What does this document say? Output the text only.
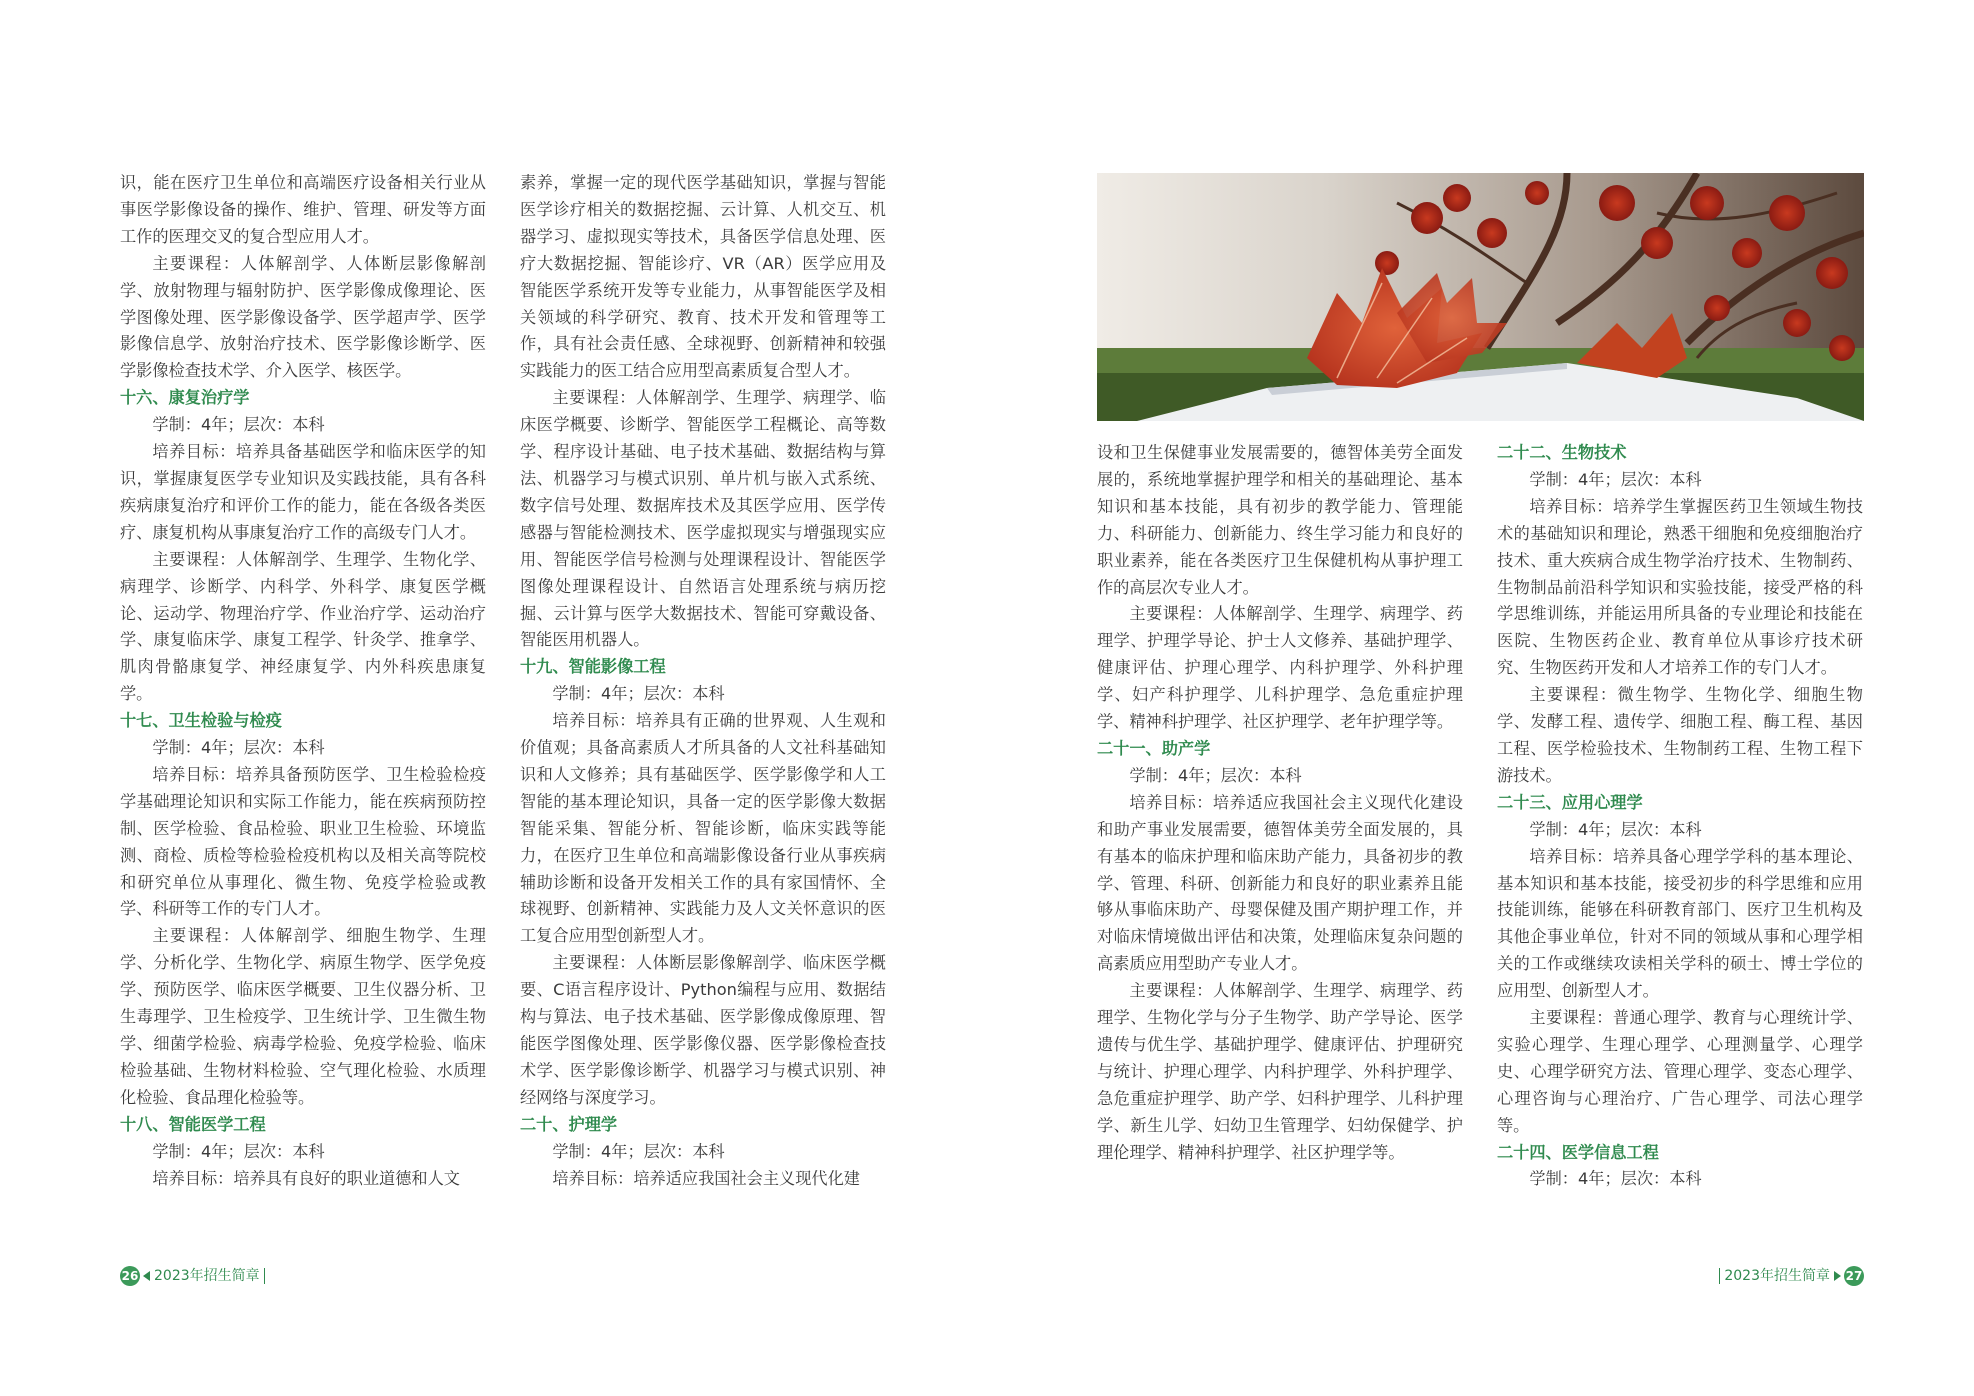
识，能在医疗卫生单位和高端医疗设备相关行业从事医学影像设备的操作、维护、管理、研发等方面工作的医理交叉的复合型应用人才。

主要课程：人体解剖学、人体断层影像解剖学、放射物理与辐射防护、医学影像成像理论、医学图像处理、医学影像设备学、医学超声学、医学影像信息学、放射治疗技术、医学影像诊断学、医学影像检查技术学、介入医学、核医学。

十六、康复治疗学

学制：4年；层次：本科

培养目标：培养具备基础医学和临床医学的知识，掌握康复医学专业知识及实践技能，具有各科疾病康复治疗和评价工作的能力，能在各级各类医疗、康复机构从事康复治疗工作的高级专门人才。

主要课程：人体解剖学、生理学、生物化学、病理学、诊断学、内科学、外科学、康复医学概论、运动学、物理治疗学、作业治疗学、运动治疗学、康复临床学、康复工程学、针灸学、推拿学、肌肉骨骼康复学、神经康复学、内外科疾患康复学。

十七、卫生检验与检疫

学制：4年；层次：本科

培养目标：培养具备预防医学、卫生检验检疫学基础理论知识和实际工作能力，能在疾病预防控制、医学检验、食品检验、职业卫生检验、环境监测、商检、质检等检验检疫机构以及相关高等院校和研究单位从事理化、微生物、免疫学检验或教学、科研等工作的专门人才。

主要课程：人体解剖学、细胞生物学、生理学、分析化学、生物化学、病原生物学、医学免疫学、预防医学、临床医学概要、卫生仪器分析、卫生毒理学、卫生检疫学、卫生统计学、卫生微生物学、细菌学检验、病毒学检验、免疫学检验、临床检验基础、生物材料检验、空气理化检验、水质理化检验、食品理化检验等。

十八、智能医学工程

学制：4年；层次：本科

培养目标：培养具有良好的职业道德和人文

素养，掌握一定的现代医学基础知识，掌握与智能医学诊疗相关的数据挖掘、云计算、人机交互、机器学习、虚拟现实等技术，具备医学信息处理、医疗大数据挖掘、智能诊疗、VR（AR）医学应用及智能医学系统开发等专业能力，从事智能医学及相关领域的科学研究、教育、技术开发和管理等工作，具有社会责任感、全球视野、创新精神和较强实践能力的医工结合应用型高素质复合型人才。

主要课程：人体解剖学、生理学、病理学、临床医学概要、诊断学、智能医学工程概论、高等数学、程序设计基础、电子技术基础、数据结构与算法、机器学习与模式识别、单片机与嵌入式系统、数字信号处理、数据库技术及其医学应用、医学传感器与智能检测技术、医学虚拟现实与增强现实应用、智能医学信号检测与处理课程设计、智能医学图像处理课程设计、自然语言处理系统与病历挖掘、云计算与医学大数据技术、智能可穿戴设备、智能医用机器人。

十九、智能影像工程

学制：4年；层次：本科

培养目标：培养具有正确的世界观、人生观和价值观；具备高素质人才所具备的人文社科基础知识和人文修养；具有基础医学、医学影像学和人工智能的基本理论知识，具备一定的医学影像大数据智能采集、智能分析、智能诊断，临床实践等能力，在医疗卫生单位和高端影像设备行业从事疾病辅助诊断和设备开发相关工作的具有家国情怀、全球视野、创新精神、实践能力及人文关怀意识的医工复合应用型创新型人才。

主要课程：人体断层影像解剖学、临床医学概要、C语言程序设计、Python编程与应用、数据结构与算法、电子技术基础、医学影像成像原理、智能医学图像处理、医学影像仪器、医学影像检查技术学、医学影像诊断学、机器学习与模式识别、神经网络与深度学习。

二十、护理学

学制：4年；层次：本科

培养目标：培养适应我国社会主义现代化建

设和卫生保健事业发展需要的，德智体美劳全面发展的，系统地掌握护理学和相关的基础理论、基本知识和基本技能，具有初步的教学能力、管理能力、科研能力、创新能力、终生学习能力和良好的职业素养，能在各类医疗卫生保健机构从事护理工作的高层次专业人才。

主要课程：人体解剖学、生理学、病理学、药理学、护理学导论、护士人文修养、基础护理学、健康评估、护理心理学、内科护理学、外科护理学、妇产科护理学、儿科护理学、急危重症护理学、精神科护理学、社区护理学、老年护理学等。

二十一、助产学

学制：4年；层次：本科

培养目标：培养适应我国社会主义现代化建设和助产事业发展需要，德智体美劳全面发展的，具有基本的临床护理和临床助产能力，具备初步的教学、管理、科研、创新能力和良好的职业素养且能够从事临床助产、母婴保健及围产期护理工作，并对临床情境做出评估和决策，处理临床复杂问题的高素质应用型助产专业人才。

主要课程：人体解剖学、生理学、病理学、药理学、生物化学与分子生物学、助产学导论、医学遗传与优生学、基础护理学、健康评估、护理研究与统计、护理心理学、内科护理学、外科护理学、急危重症护理学、助产学、妇科护理学、儿科护理学、新生儿学、妇幼卫生管理学、妇幼保健学、护理伦理学、精神科护理学、社区护理学等。

二十二、生物技术

学制：4年；层次：本科

培养目标：培养学生掌握医药卫生领域生物技术的基础知识和理论，熟悉干细胞和免疫细胞治疗技术、重大疾病合成生物学治疗技术、生物制药、生物制品前沿科学知识和实验技能，接受严格的科学思维训练，并能运用所具备的专业理论和技能在医院、生物医药企业、教育单位从事诊疗技术研究、生物医药开发和人才培养工作的专门人才。

主要课程：微生物学、生物化学、细胞生物学、发酵工程、遗传学、细胞工程、酶工程、基因工程、医学检验技术、生物制药工程、生物工程下游技术。

二十三、应用心理学

学制：4年；层次：本科

培养目标：培养具备心理学学科的基本理论、基本知识和基本技能，接受初步的科学思维和应用技能训练，能够在科研教育部门、医疗卫生机构及其他企事业单位，针对不同的领域从事和心理学相关的工作或继续攻读相关学科的硕士、博士学位的应用型、创新型人才。

主要课程：普通心理学、教育与心理统计学、实验心理学、生理心理学、心理测量学、心理学史、心理学研究方法、管理心理学、变态心理学、心理咨询与心理治疗、广告心理学、司法心理学等。

二十四、医学信息工程

学制：4年；层次：本科

26 2023年招生简章	2023年招生简章 27
